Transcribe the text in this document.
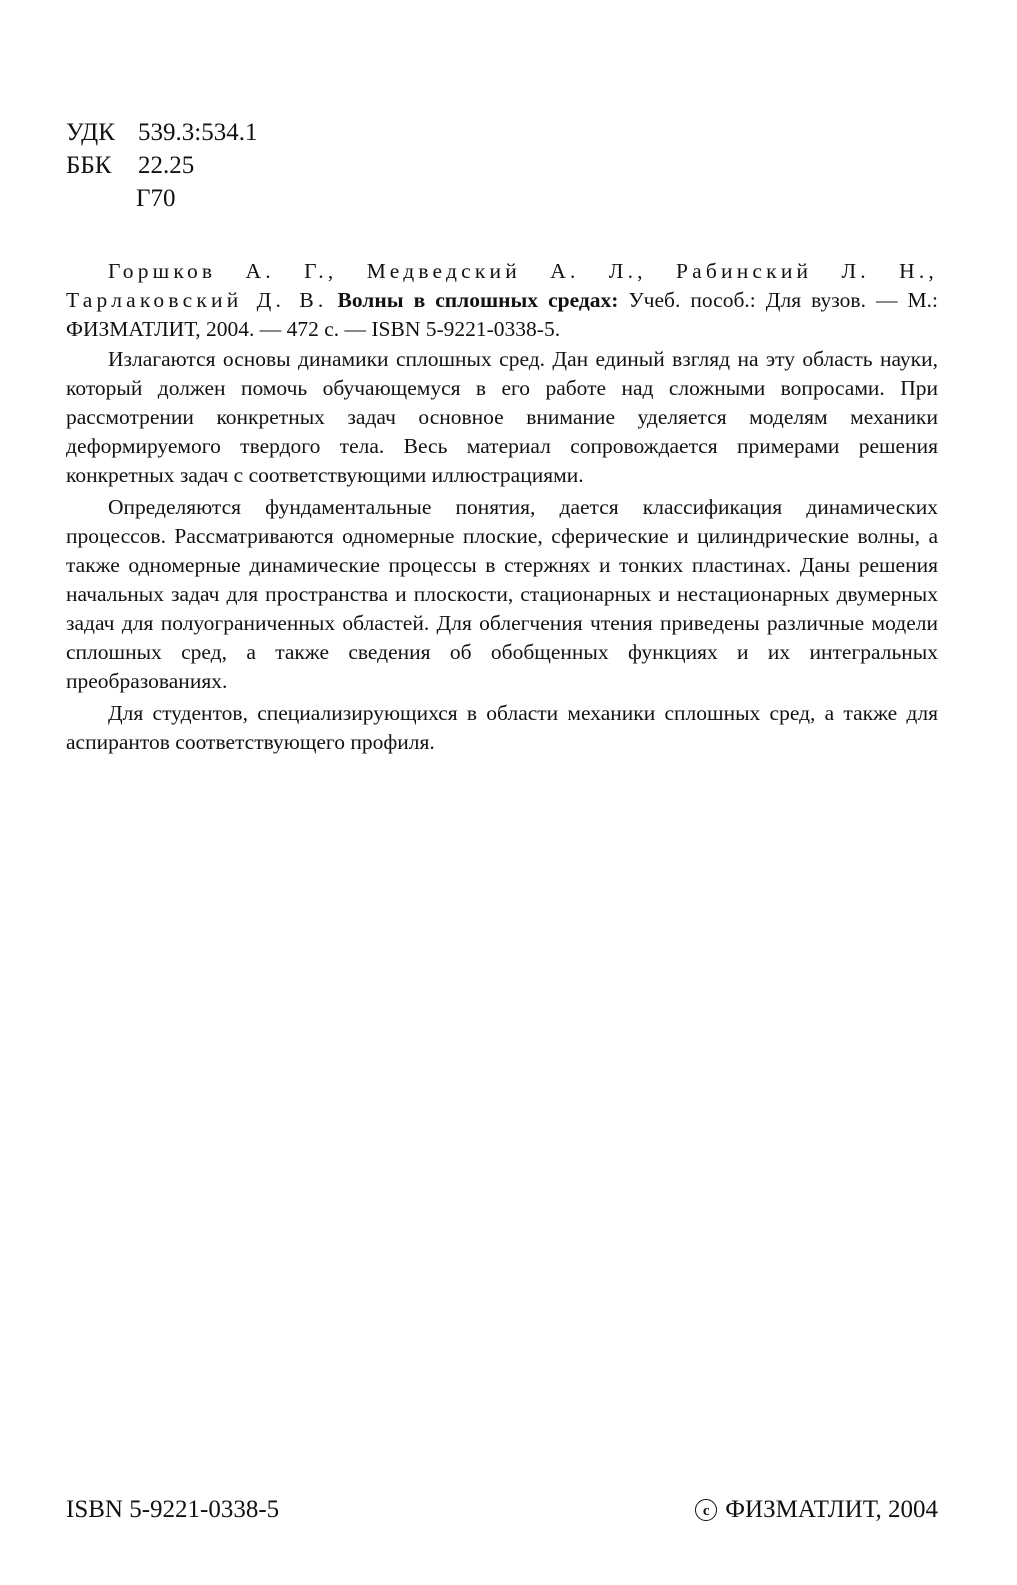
УДК 539.3:534.1
ББК 22.25
Г70
Горшков А. Г., Медведский А. Л., Рабинский Л. Н., Тарлаковский Д. В. Волны в сплошных средах: Учеб. пособ.: Для вузов. — М.: ФИЗМАТЛИТ, 2004. — 472 с. — ISBN 5-9221-0338-5.

Излагаются основы динамики сплошных сред. Дан единый взгляд на эту область науки, который должен помочь обучающемуся в его работе над сложными вопросами. При рассмотрении конкретных задач основное внимание уделяется моделям механики деформируемого твердого тела. Весь материал сопровождается примерами решения конкретных задач с соответствующими иллюстрациями.

Определяются фундаментальные понятия, дается классификация динамических процессов. Рассматриваются одномерные плоские, сферические и цилиндрические волны, а также одномерные динамические процессы в стержнях и тонких пластинах. Даны решения начальных задач для пространства и плоскости, стационарных и нестационарных двумерных задач для полуограниченных областей. Для облегчения чтения приведены различные модели сплошных сред, а также сведения об обобщенных функциях и их интегральных преобразованиях.

Для студентов, специализирующихся в области механики сплошных сред, а также для аспирантов соответствующего профиля.

ISBN 5-9221-0338-5	c ФИЗМАТЛИТ, 2004
